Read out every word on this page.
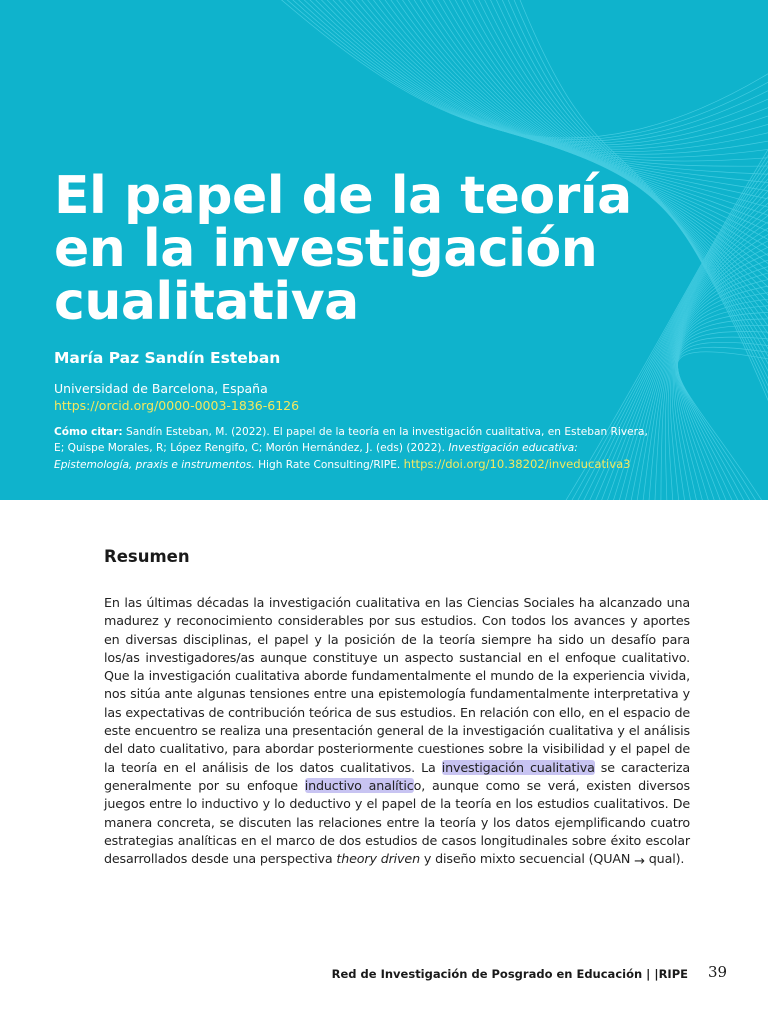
El papel de la teoría en la investigación cualitativa
María Paz Sandín Esteban
Universidad de Barcelona, España
https://orcid.org/0000-0003-1836-6126
Cómo citar: Sandín Esteban, M. (2022). El papel de la teoría en la investigación cualitativa, en Esteban Rivera, E; Quispe Morales, R; López Rengifo, C; Morón Hernández, J. (eds) (2022). Investigación educativa: Epistemología, praxis e instrumentos. High Rate Consulting/RIPE. https://doi.org/10.38202/inveducativa3
Resumen

En las últimas décadas la investigación cualitativa en las Ciencias Sociales ha alcanzado una madurez y reconocimiento considerables por sus estudios. Con todos los avances y aportes en diversas disciplinas, el papel y la posición de la teoría siempre ha sido un desafío para los/as investigadores/as aunque constituye un aspecto sustancial en el enfoque cualitativo. Que la investigación cualitativa aborde fundamentalmente el mundo de la experiencia vivida, nos sitúa ante algunas tensiones entre una epistemología fundamentalmente interpretativa y las expectativas de contribución teórica de sus estudios. En relación con ello, en el espacio de este encuentro se realiza una presentación general de la investigación cualitativa y el análisis del dato cualitativo, para abordar posteriormente cuestiones sobre la visibilidad y el papel de la teoría en el análisis de los datos cualitativos. La investigación cualitativa se caracteriza generalmente por su enfoque inductivo analítico, aunque como se verá, existen diversos juegos entre lo inductivo y lo deductivo y el papel de la teoría en los estudios cualitativos. De manera concreta, se discuten las relaciones entre la teoría y los datos ejemplificando cuatro estrategias analíticas en el marco de dos estudios de casos longitudinales sobre éxito escolar desarrollados desde una perspectiva theory driven y diseño mixto secuencial (QUAN → qual).

Red de Investigación de Posgrado en Educación | |RIPE 39
